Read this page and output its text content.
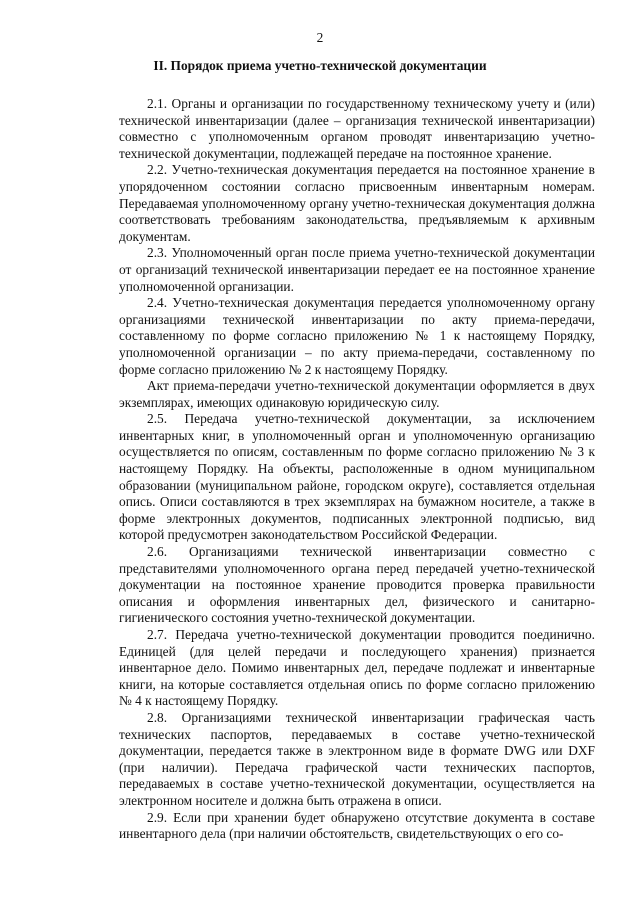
2
II. Порядок приема учетно-технической документации

2.1. Органы и организации по государственному техническому учету и (или) технической инвентаризации (далее – организация технической инвентаризации) совместно с уполномоченным органом проводят инвентаризацию учетно-технической документации, подлежащей передаче на постоянное хранение.

2.2. Учетно-техническая документация передается на постоянное хранение в упорядоченном состоянии согласно присвоенным инвентарным номерам. Передаваемая уполномоченному органу учетно-техническая документация должна соответствовать требованиям законодательства, предъявляемым к архивным документам.

2.3. Уполномоченный орган после приема учетно-технической документации от организаций технической инвентаризации передает ее на постоянное хранение уполномоченной организации.

2.4. Учетно-техническая документация передается уполномоченному органу организациями технической инвентаризации по акту приема-передачи, составленному по форме согласно приложению № 1 к настоящему Порядку, уполномоченной организации – по акту приема-передачи, составленному по форме согласно приложению № 2 к настоящему Порядку.

Акт приема-передачи учетно-технической документации оформляется в двух экземплярах, имеющих одинаковую юридическую силу.

2.5. Передача учетно-технической документации, за исключением инвентарных книг, в уполномоченный орган и уполномоченную организацию осуществляется по описям, составленным по форме согласно приложению № 3 к настоящему Порядку. На объекты, расположенные в одном муниципальном образовании (муниципальном районе, городском округе), составляется отдельная опись. Описи составляются в трех экземплярах на бумажном носителе, а также в форме электронных документов, подписанных электронной подписью, вид которой предусмотрен законодательством Российской Федерации.

2.6. Организациями технической инвентаризации совместно с представителями уполномоченного органа перед передачей учетно-технической документации на постоянное хранение проводится проверка правильности описания и оформления инвентарных дел, физического и санитарно-гигиенического состояния учетно-технической документации.

2.7. Передача учетно-технической документации проводится поединично. Единицей (для целей передачи и последующего хранения) признается инвентарное дело. Помимо инвентарных дел, передаче подлежат и инвентарные книги, на которые составляется отдельная опись по форме согласно приложению № 4 к настоящему Порядку.

2.8. Организациями технической инвентаризации графическая часть технических паспортов, передаваемых в составе учетно-технической документации, передается также в электронном виде в формате DWG или DXF (при наличии). Передача графической части технических паспортов, передаваемых в составе учетно-технической документации, осуществляется на электронном носителе и должна быть отражена в описи.

2.9. Если при хранении будет обнаружено отсутствие документа в составе инвентарного дела (при наличии обстоятельств, свидетельствующих о его со-
